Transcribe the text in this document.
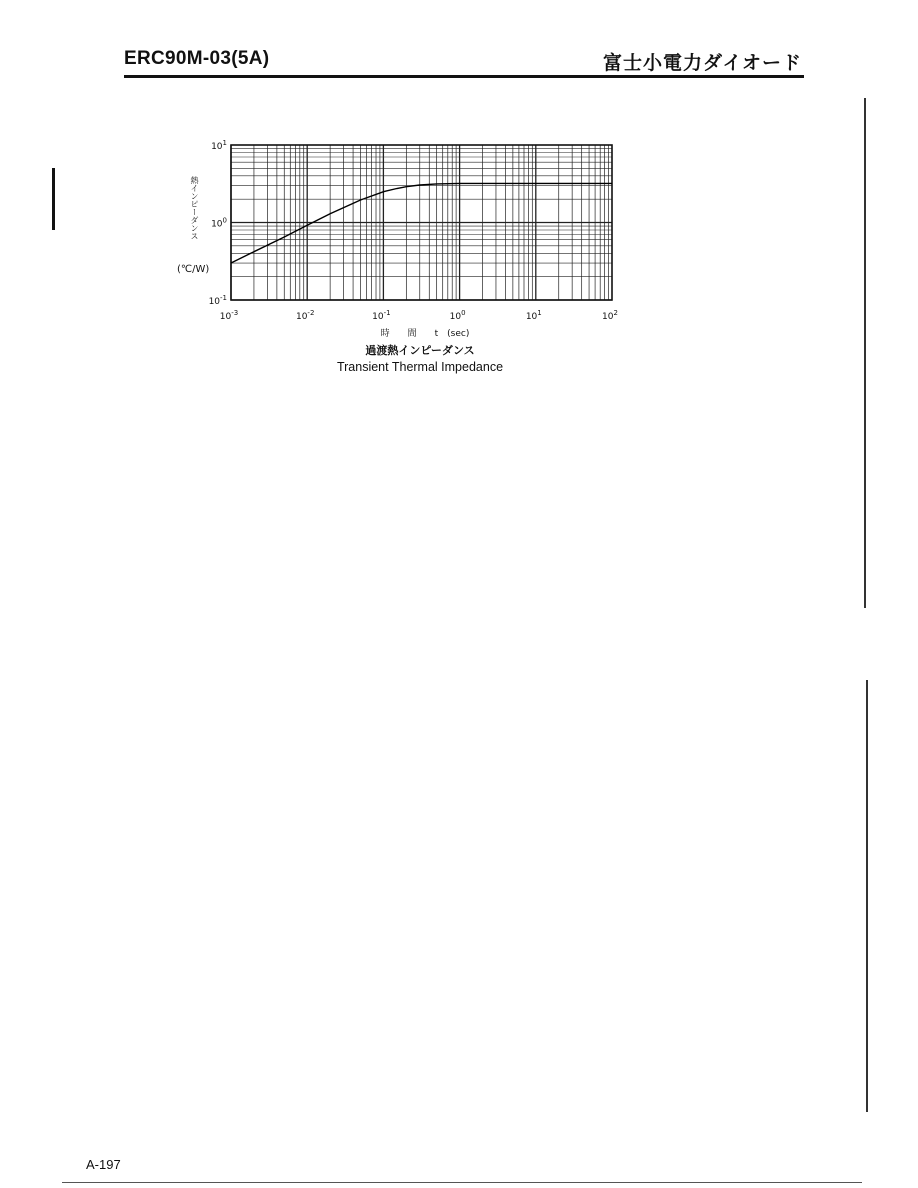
ERC90M-03(5A)	富士小電力ダイオード
$10^{-3}$	$10^{-2}$	$10^{-1}$	$10^0$	$10^1$	$10^2$
$10^{-1}$
$10^0$
$10^1$
熱インピーダンス
(℃/W)
時　　間　　t　(sec)
過渡熱インピーダンス
Transient Thermal Impedance
A-197
